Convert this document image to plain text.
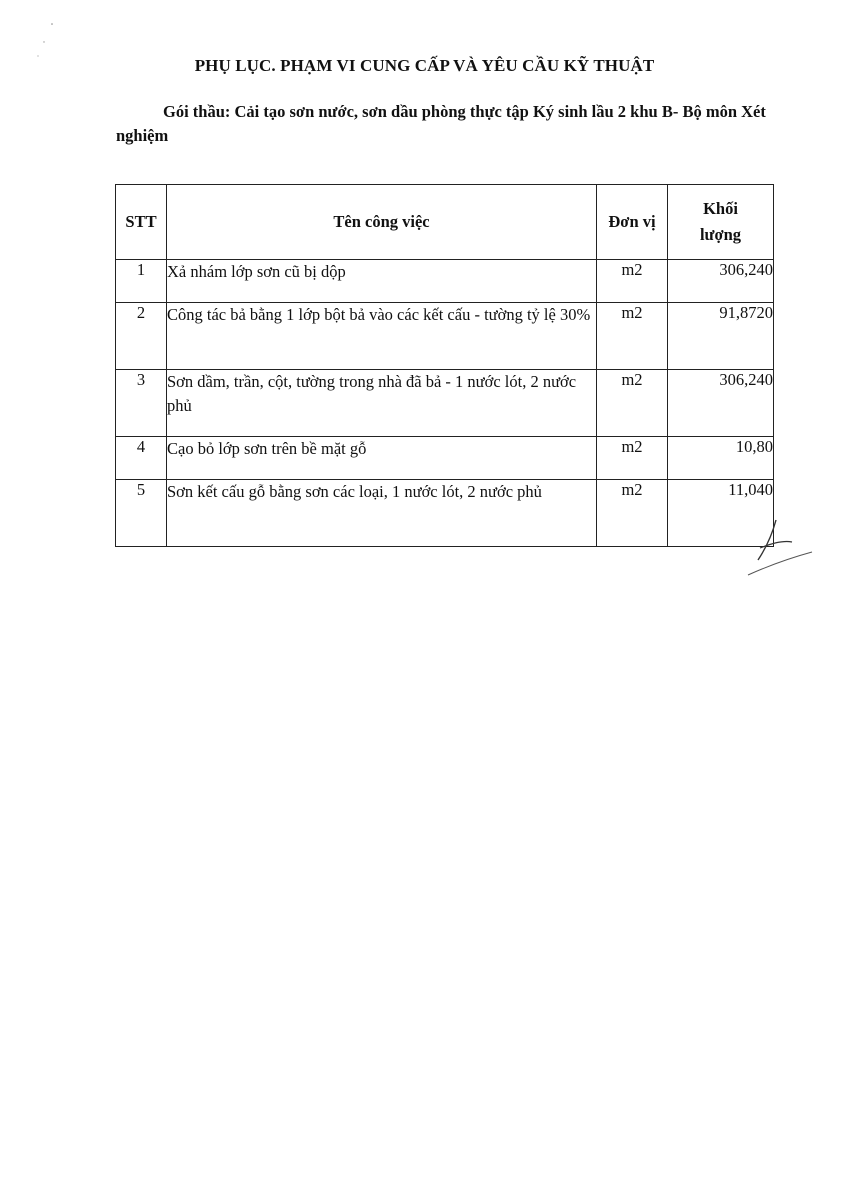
PHỤ LỤC. PHẠM VI CUNG CẤP VÀ YÊU CẦU KỸ THUẬT
Gói thầu: Cải tạo sơn nước, sơn dầu phòng thực tập Ký sinh lầu 2 khu B- Bộ môn Xét nghiệm
STT	Tên công việc	Đơn vị	Khối lượng
1	Xả nhám lớp sơn cũ bị dộp	m2	306,240
2	Công tác bả bằng 1 lớp bột bả vào các kết cấu - tường tỷ lệ 30%	m2	91,8720
3	Sơn dầm, trần, cột, tường trong nhà đã bả - 1 nước lót, 2 nước phủ	m2	306,240
4	Cạo bỏ lớp sơn trên bề mặt gỗ	m2	10,80
5	Sơn kết cấu gỗ bằng sơn các loại, 1 nước lót, 2 nước phủ	m2	11,040
